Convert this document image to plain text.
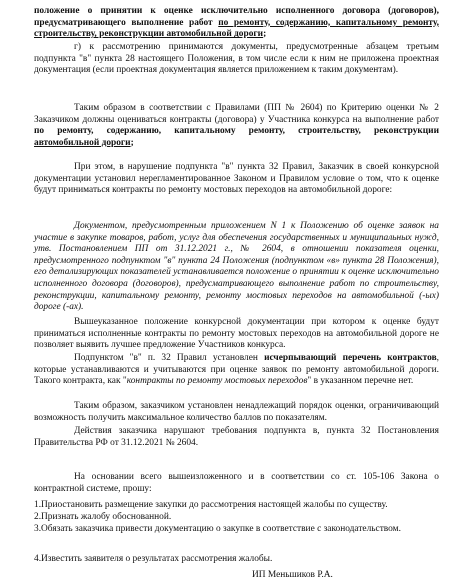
положение о принятии к оценке исключительно исполненного договора (договоров), предусматривающего выполнение работ по ремонту, содержанию, капитальному ремонту, строительству, реконструкции автомобильной дороги;

г) к рассмотрению принимаются документы, предусмотренные абзацем третьим подпункта "в" пункта 28 настоящего Положения, в том числе если к ним не приложена проектная документация (если проектная документация является приложением к таким документам).

Таким образом в соответствии с Правилами (ПП № 2604) по Критерию оценки № 2 Заказчиком должны оцениваться контракты (договора) у Участника конкурса на выполнение работ по ремонту, содержанию, капитальному ремонту, строительству, реконструкции автомобильной дороги;

При этом, в нарушение подпункта "в" пункта 32 Правил, Заказчик в своей конкурсной документации установил нерегламентированное Законом и Правилом условие о том, что к оценке будут приниматься контракты по ремонту мостовых переходов на автомобильной дороге:

Документом, предусмотренным приложением N 1 к Положению об оценке заявок на участие в закупке товаров, работ, услуг для обеспечения государственных и муниципальных нужд, утв. Постановлением ПП от 31.12.2021 г., № 2604, в отношении показателя оценки, предусмотренного подпунктом "в" пункта 24 Положения (подпунктом «в» пункта 28 Положения), его детализирующих показателей устанавливается положение о принятии к оценке исключительно исполненного договора (договоров), предусматривающего выполнение работ по строительству, реконструкции, капитальному ремонту, ремонту мостовых переходов на автомобильной (-ых) дороге (-ах).

Вышеуказанное положение конкурсной документации при котором к оценке будут приниматься исполненные контракты по ремонту мостовых переходов на автомобильной дороге не позволяет выявить лучшее предложение Участников конкурса.

Подпунктом "в" п. 32 Правил установлен исчерпывающий перечень контрактов, которые устанавливаются и учитываются при оценке заявок по ремонту автомобильной дороги. Такого контракта, как "контракты по ремонту мостовых переходов" в указанном перечне нет.

Таким образом, заказчиком установлен ненадлежащий порядок оценки, ограничивающий возможность получить максимальное количество баллов по показателям.

Действия заказчика нарушают требования подпункта в, пункта 32 Постановления Правительства РФ от 31.12.2021 № 2604.

На основании всего вышеизложенного и в соответствии со ст. 105-106 Закона о контрактной системе, прошу:

1.Приостановить размещение закупки до рассмотрения настоящей жалобы по существу.

2.Признать жалобу обоснованной.

3.Обязать заказчика привести документацию о закупке в соответствие с законодательством.

4.Известить заявителя о результатах рассмотрения жалобы.

ИП Меньшиков Р.А.
